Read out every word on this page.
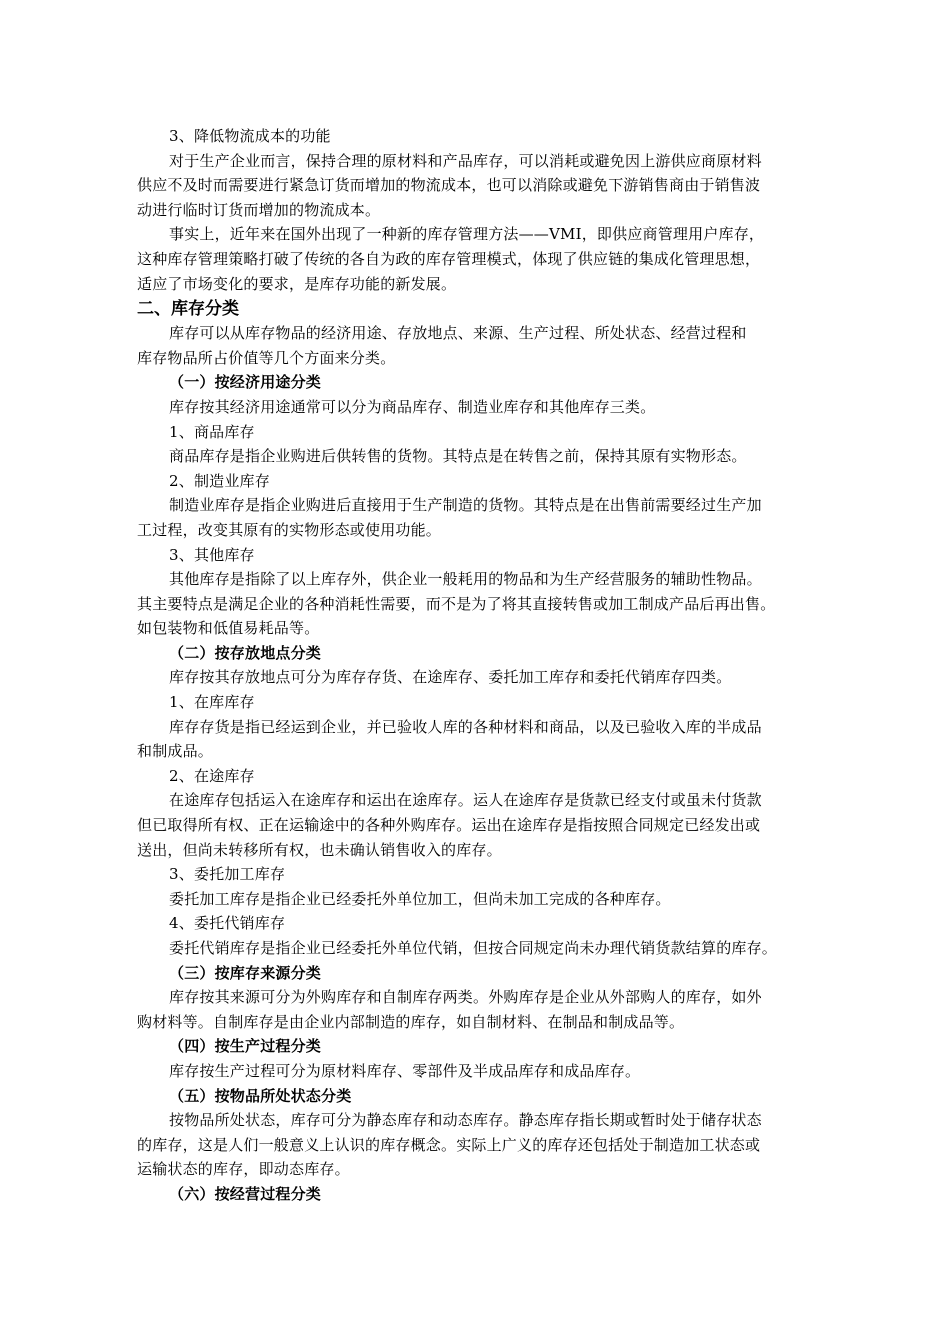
3、降低物流成本的功能
对于生产企业而言，保持合理的原材料和产品库存，可以消耗或避免因上游供应商原材料
供应不及时而需要进行紧急订货而增加的物流成本，也可以消除或避免下游销售商由于销售波
动进行临时订货而增加的物流成本。
事实上，近年来在国外出现了一种新的库存管理方法——VMI，即供应商管理用户库存，
这种库存管理策略打破了传统的各自为政的库存管理模式，体现了供应链的集成化管理思想，
适应了市场变化的要求，是库存功能的新发展。
二、库存分类
库存可以从库存物品的经济用途、存放地点、来源、生产过程、所处状态、经营过程和
库存物品所占价值等几个方面来分类。
（一）按经济用途分类
库存按其经济用途通常可以分为商品库存、制造业库存和其他库存三类。
1、商品库存
商品库存是指企业购进后供转售的货物。其特点是在转售之前，保持其原有实物形态。
2、制造业库存
制造业库存是指企业购进后直接用于生产制造的货物。其特点是在出售前需要经过生产加
工过程，改变其原有的实物形态或使用功能。
3、其他库存
其他库存是指除了以上库存外，供企业一般耗用的物品和为生产经营服务的辅助性物品。
其主要特点是满足企业的各种消耗性需要，而不是为了将其直接转售或加工制成产品后再出售。
如包装物和低值易耗品等。
（二）按存放地点分类
库存按其存放地点可分为库存存货、在途库存、委托加工库存和委托代销库存四类。
1、在库库存
库存存货是指已经运到企业，并已验收人库的各种材料和商品，以及已验收入库的半成品
和制成品。
2、在途库存
在途库存包括运入在途库存和运出在途库存。运人在途库存是货款已经支付或虽未付货款
但已取得所有权、正在运输途中的各种外购库存。运出在途库存是指按照合同规定已经发出或
送出，但尚未转移所有权，也未确认销售收入的库存。
3、委托加工库存
委托加工库存是指企业已经委托外单位加工，但尚未加工完成的各种库存。
4、委托代销库存
委托代销库存是指企业已经委托外单位代销，但按合同规定尚未办理代销货款结算的库存。
（三）按库存来源分类
库存按其来源可分为外购库存和自制库存两类。外购库存是企业从外部购人的库存，如外
购材料等。自制库存是由企业内部制造的库存，如自制材料、在制品和制成品等。
（四）按生产过程分类
库存按生产过程可分为原材料库存、零部件及半成品库存和成品库存。
（五）按物品所处状态分类
按物品所处状态，库存可分为静态库存和动态库存。静态库存指长期或暂时处于储存状态
的库存，这是人们一般意义上认识的库存概念。实际上广义的库存还包括处于制造加工状态或
运输状态的库存，即动态库存。
（六）按经营过程分类
